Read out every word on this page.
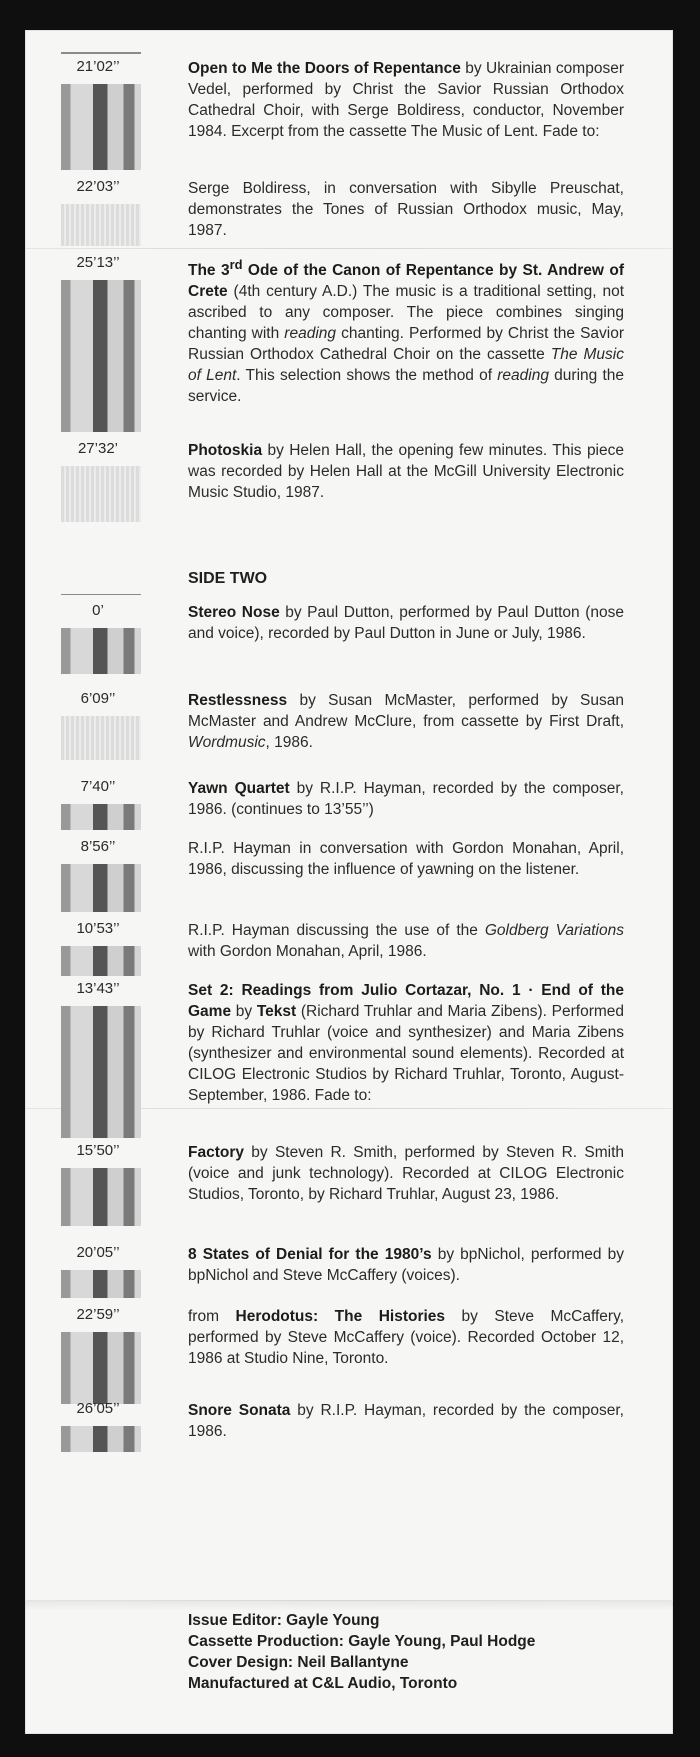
21’02’’	Open to Me the Doors of Repentance by Ukrainian composer Vedel, performed by Christ the Savior Russian Orthodox Cathedral Choir, with Serge Boldiress, conductor, November 1984. Excerpt from the cassette The Music of Lent. Fade to:

22’03’’	Serge Boldiress, in conversation with Sibylle Preuschat, demonstrates the Tones of Russian Orthodox music, May, 1987.

25’13’’	The 3rd Ode of the Canon of Repentance by St. Andrew of Crete (4th century A.D.) The music is a traditional setting, not ascribed to any composer. The piece combines singing chanting with reading chanting. Performed by Christ the Savior Russian Orthodox Cathedral Choir on the cassette The Music of Lent. This selection shows the method of reading during the service.

27’32’	Photoskia by Helen Hall, the opening few minutes. This piece was recorded by Helen Hall at the McGill University Electronic Music Studio, 1987.

SIDE TWO
0’	Stereo Nose by Paul Dutton, performed by Paul Dutton (nose and voice), recorded by Paul Dutton in June or July, 1986.

6’09’’	Restlessness by Susan McMaster, performed by Susan McMaster and Andrew McClure, from cassette by First Draft, Wordmusic, 1986.

7’40’’	Yawn Quartet by R.I.P. Hayman, recorded by the composer, 1986. (continues to 13’55’’)

8’56’’	R.I.P. Hayman in conversation with Gordon Monahan, April, 1986, discussing the influence of yawning on the listener.

10’53’’	R.I.P. Hayman discussing the use of the Goldberg Variations with Gordon Monahan, April, 1986.

13’43’’	Set 2: Readings from Julio Cortazar, No. 1 · End of the Game by Tekst (Richard Truhlar and Maria Zibens). Performed by Richard Truhlar (voice and synthesizer) and Maria Zibens (synthesizer and environmental sound elements). Recorded at CILOG Electronic Studios by Richard Truhlar, Toronto, August-September, 1986. Fade to:

15’50’’	Factory by Steven R. Smith, performed by Steven R. Smith (voice and junk technology). Recorded at CILOG Electronic Studios, Toronto, by Richard Truhlar, August 23, 1986.

20’05’’	8 States of Denial for the 1980’s by bpNichol, performed by bpNichol and Steve McCaffery (voices).

22’59’’	from Herodotus: The Histories by Steve McCaffery, performed by Steve McCaffery (voice). Recorded October 12, 1986 at Studio Nine, Toronto.

26’05’’	Snore Sonata by R.I.P. Hayman, recorded by the composer, 1986.

Issue Editor: Gayle Young
Cassette Production: Gayle Young, Paul Hodge
Cover Design: Neil Ballantyne
Manufactured at C&L Audio, Toronto
